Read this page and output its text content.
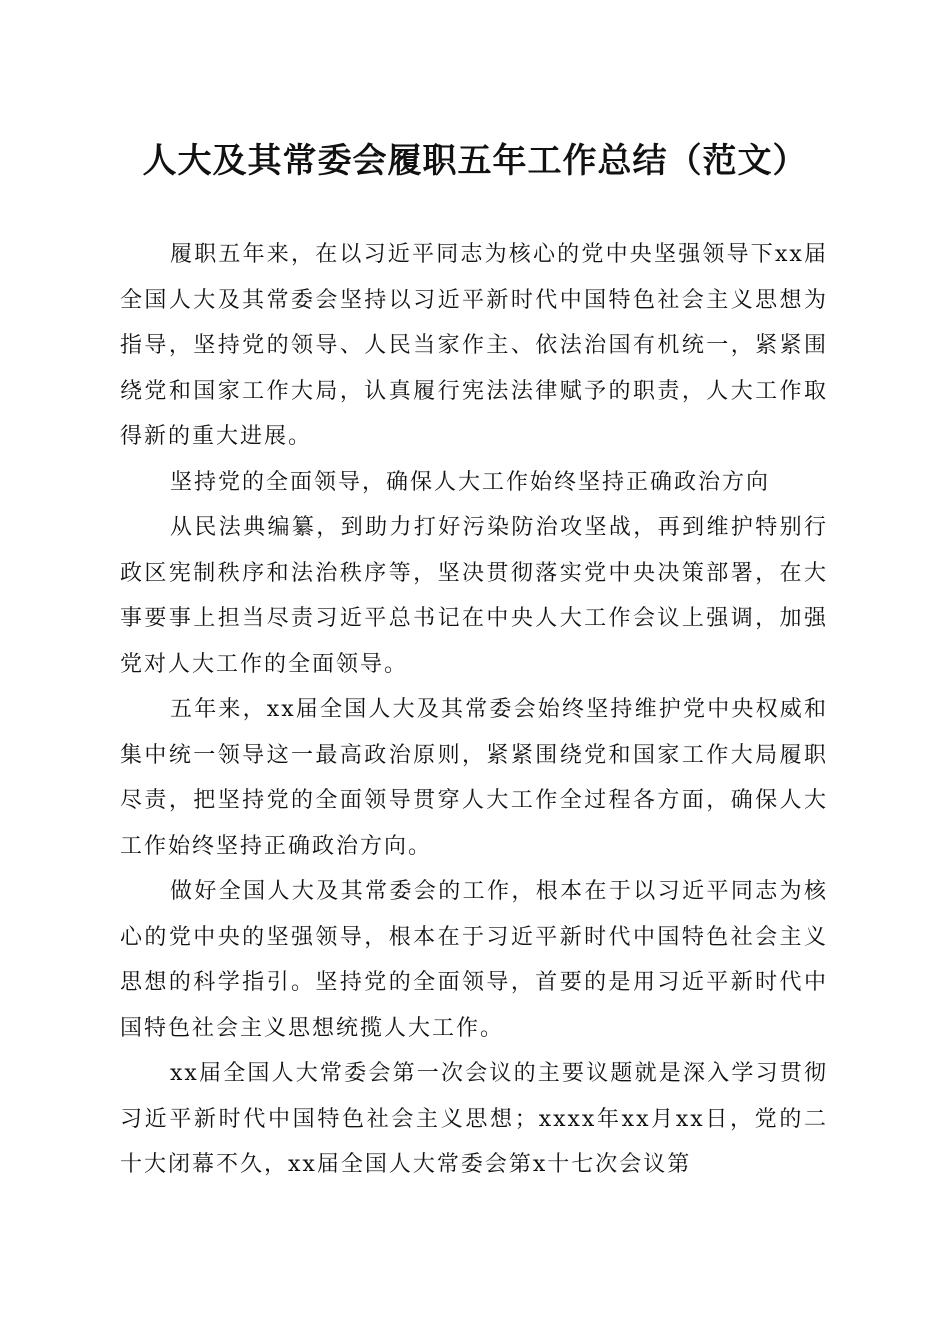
人大及其常委会履职五年工作总结（范文）

履职五年来，在以习近平同志为核心的党中央坚强领导下xx届全国人大及其常委会坚持以习近平新时代中国特色社会主义思想为指导，坚持党的领导、人民当家作主、依法治国有机统一，紧紧围绕党和国家工作大局，认真履行宪法法律赋予的职责，人大工作取得新的重大进展。

坚持党的全面领导，确保人大工作始终坚持正确政治方向

从民法典编纂，到助力打好污染防治攻坚战，再到维护特别行政区宪制秩序和法治秩序等，坚决贯彻落实党中央决策部署，在大事要事上担当尽责习近平总书记在中央人大工作会议上强调，加强党对人大工作的全面领导。

五年来，xx届全国人大及其常委会始终坚持维护党中央权威和集中统一领导这一最高政治原则，紧紧围绕党和国家工作大局履职尽责，把坚持党的全面领导贯穿人大工作全过程各方面，确保人大工作始终坚持正确政治方向。

做好全国人大及其常委会的工作，根本在于以习近平同志为核心的党中央的坚强领导，根本在于习近平新时代中国特色社会主义思想的科学指引。坚持党的全面领导，首要的是用习近平新时代中国特色社会主义思想统揽人大工作。

xx届全国人大常委会第一次会议的主要议题就是深入学习贯彻习近平新时代中国特色社会主义思想；xxxx年xx月xx日，党的二十大闭幕不久，xx届全国人大常委会第x十七次会议第
